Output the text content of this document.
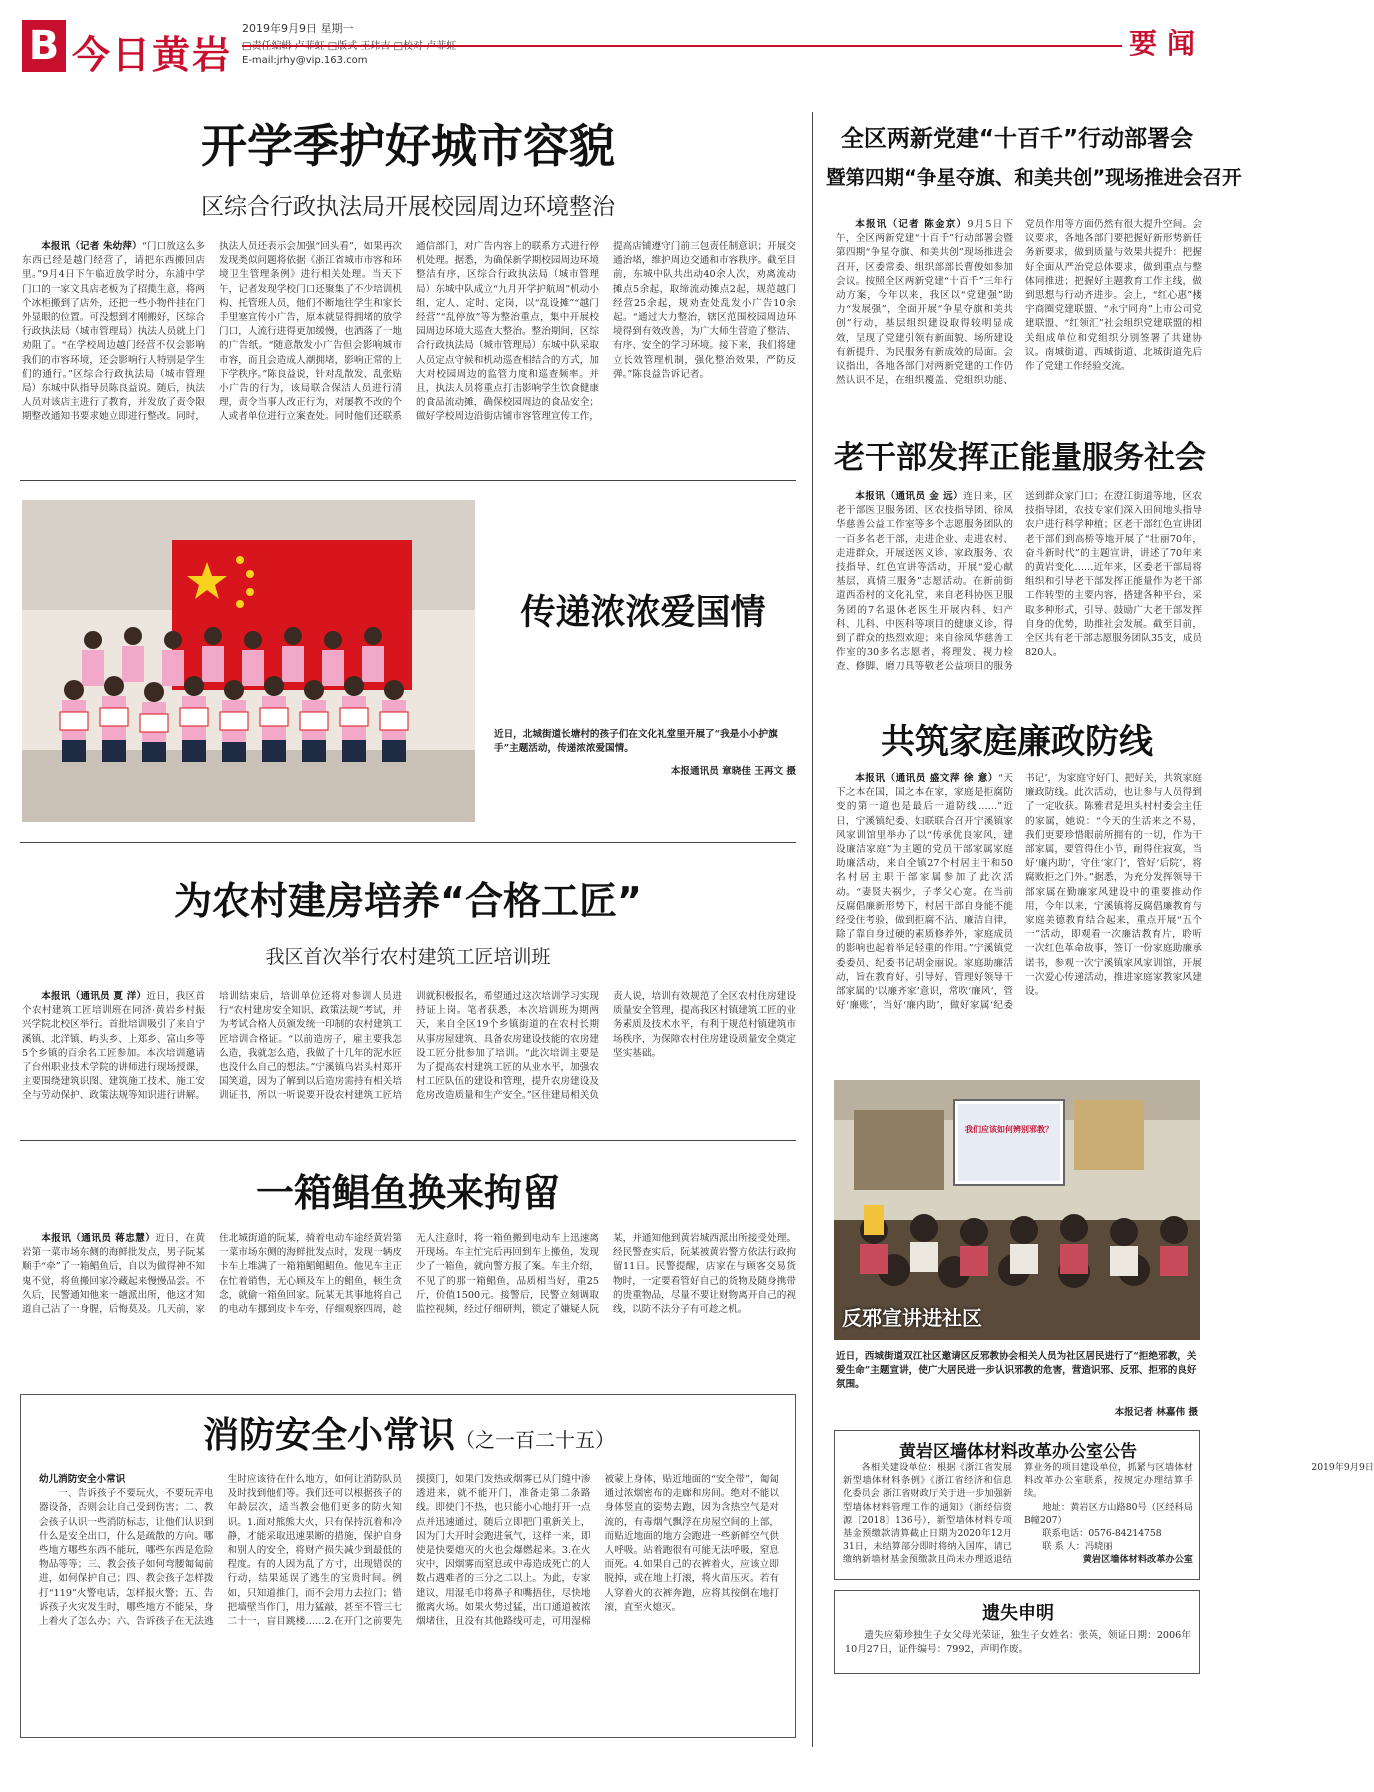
B 今日黄岩
2019年9月9日 星期一
□责任编辑 卢菲虹 □版式 王玮吉 □校对 卢菲虹
E-mail:jrhy@vip.163.com
要闻
开学季护好城市容貌
区综合行政执法局开展校园周边环境整治

本报讯（记者 朱幼萍）“门口放这么多东西已经是越门经营了，请把东西搬回店里。”9月4日下午临近放学时分，东浦中学门口的一家文具店老板为了招揽生意，将两个冰柜搬到了店外，还把一些小物件挂在门外显眼的位置。可没想到才刚搬好，区综合行政执法局（城市管理局）执法人员就上门劝阻了。“在学校周边越门经营不仅会影响我们的市容环境，还会影响行人特别是学生们的通行。”区综合行政执法局（城市管理局）东城中队指导员陈良益说。随后，执法人员对该店主进行了教育，并发放了责令限期整改通知书要求她立即进行整改。同时，执法人员还表示会加强“回头看”，如果再次发现类似问题将依据《浙江省城市市容和环境卫生管理条例》进行相关处理。当天下午，记者发现学校门口还聚集了不少培训机构、托管班人员，他们不断地往学生和家长手里塞宣传小广告，原本就显得拥堵的放学门口，人流行进得更加缓慢，也洒落了一地的广告纸。“随意散发小广告但会影响城市市容，而且会造成人潮拥堵，影响正常的上下学秩序。”陈良益说，针对乱散发、乱张贴小广告的行为，该局联合保洁人员进行清理，责令当事人改正行为，对屡教不改的个人或者单位进行立案查处。同时他们还联系通信部门，对广告内容上的联系方式进行停机处理。据悉，为确保新学期校园周边环境整洁有序，区综合行政执法局（城市管理局）东城中队成立“九月开学护航周”机动小组，定人、定时、定岗，以“乱设摊”“越门经营”“乱停放”等为整治重点，集中开展校园周边环境大巡查大整治。整治期间，区综合行政执法局（城市管理局）东城中队采取人员定点守候和机动巡查相结合的方式，加大对校园周边的监管力度和巡查频率。并且，执法人员将重点打击影响学生饮食健康的食品流动摊，确保校园周边的食品安全；做好学校周边沿街店铺市容管理宣传工作，提高店铺遵守门前三包责任制意识；开展交通治堵，维护周边交通和市容秩序。截至目前，东城中队共出动40余人次，劝离流动摊点5余起，取缔流动摊点2起，规范越门经营25余起，规劝查处乱发小广告10余起。“通过大力整治，辖区范围校园周边环境得到有效改善，为广大师生营造了整洁、有序、安全的学习环境。接下来，我们将建立长效管理机制，强化整治效果，严防反弹。”陈良益告诉记者。

传递浓浓爱国情
近日，北城街道长塘村的孩子们在文化礼堂里开展了“我是小小护旗手”主题活动，传递浓浓爱国情。
本报通讯员 章晓佳 王再文 摄
为农村建房培养“合格工匠”
我区首次举行农村建筑工匠培训班

本报讯（通讯员 夏 洋）近日，我区首个农村建筑工匠培训班在同济·黄岩乡村振兴学院北校区举行。首批培训吸引了来自宁溪镇、北洋镇、屿头乡、上郑乡、富山乡等5个乡镇的百余名工匠参加。本次培训邀请了台州职业技术学院的讲师进行现场授课，主要围绕建筑识图、建筑施工技术、施工安全与劳动保护、政策法规等知识进行讲解。培训结束后，培训单位还将对参训人员进行“农村建房安全知识、政策法规”考试，并为考试合格人员颁发统一印制的农村建筑工匠培训合格证。“以前造房子，雇主要我怎么造，我就怎么造，我做了十几年的泥水匠也没什么自己的想法。”宁溪镇乌岩头村郑开国笑道，因为了解到以后造房需持有相关培训证书，所以一听说要开设农村建筑工匠培训就积极报名，希望通过这次培训学习实现持证上岗。笔者获悉，本次培训班为期两天，来自全区19个乡镇街道的在农村长期从事房屋建筑、具备农房建设技能的农房建设工匠分批参加了培训。“此次培训主要是为了提高农村建筑工匠的从业水平，加强农村工匠队伍的建设和管理，提升农房建设及危房改造质量和生产安全。”区住建局相关负责人说，培训有效规范了全区农村住房建设质量安全管理，提高我区村镇建筑工匠的业务素质及技术水平，有利于规范村镇建筑市场秩序，为保障农村住房建设质量安全奠定坚实基础。

一箱鲳鱼换来拘留

本报讯（通讯员 蒋忠慧）近日，在黄岩第一菜市场东侧的海鲜批发点，男子阮某顺手“牵”了一箱鲳鱼后，自以为做得神不知鬼不觉，将鱼搬回家冷藏起来慢慢品尝。不久后，民警通知他来一趟派出所，他这才知道自己沾了一身腥，后悔莫及。几天前，家住北城街道的阮某，骑着电动车途经黄岩第一菜市场东侧的海鲜批发点时，发现一辆皮卡车上堆满了一箱箱鲳鲳鲳鱼。他见车主正在忙着销售，无心顾及车上的鲳鱼，顿生贪念，就偷一箱鱼回家。阮某无其事地将自己的电动车挪到皮卡车旁，仔细观察四周，趁无人注意时，将一箱鱼搬到电动车上迅速离开现场。车主忙完后再回到车上搬鱼，发现少了一箱鱼，就向警方报了案。车主介绍，不见了的那一箱鲳鱼，品质相当好，重25斤，价值1500元。接警后，民警立刻调取监控视频，经过仔细研判，锁定了嫌疑人阮某，并通知他到黄岩城西派出所接受处理。经民警查实后，阮某被黄岩警方依法行政拘留11日。民警提醒，店家在与顾客交易货物时，一定要看管好自己的货物及随身携带的贵重物品，尽量不要让财物离开自己的视线，以防不法分子有可趁之机。

消防安全小常识（之一百二十五）
幼儿消防安全小常识

一、告诉孩子不要玩火，不要玩弄电器设备，否则会让自己受到伤害；二、教会孩子认识一些消防标志，让他们认识到什么是安全出口，什么是疏散的方向。哪些地方哪些东西不能玩，哪些东西是危险物品等等；三、教会孩子如何弯腰匍匐前进，如何保护自己；四、教会孩子怎样拨打“119”火警电话，怎样报火警；五、告诉孩子火灾发生时，哪些地方不能呆，身上着火了怎么办；六、告诉孩子在无法逃生时应该待在什么地方，如何让消防队员及时找到他们等。我们还可以根据孩子的年龄层次，适当教会他们更多的防火知识。1.面对熊熊大火，只有保持沉着和冷静，才能采取迅速果断的措施，保护自身和别人的安全，将财产损失减少到最低的程度。有的人因为乱了方寸，出现错误的行动，结果延误了逃生的宝贵时间。例如，只知道推门，而不会用力去拉门；错把墙壁当作门，用力猛敲，甚至不管三七二十一，盲目跳楼……2.在开门之前要先摸摸门，如果门发热或烟雾已从门缝中渗透进来，就不能开门，准备走第二条路线。即使门不热，也只能小心地打开一点点并迅速通过，随后立即把门重新关上，因为门大开时会跑进氧气，这样一来，即使是快要熄灭的火也会爆燃起来。3.在火灾中，因烟雾而窒息或中毒造成死亡的人数占遇难者的三分之二以上。为此，专家建议，用湿毛巾将鼻子和嘴捂住，尽快地撤离火场。如果火势过猛，出口通道被浓烟堵住，且没有其他路线可走，可用湿棉被蒙上身体，贴近地面的“安全带”，匍匐通过浓烟密布的走廊和房间。绝对不能以身体竖直的姿势去跑，因为含热空气是对流的，有毒烟气飘浮在房屋空间的上部，而贴近地面的地方会跑进一些新鲜空气供人呼吸。站着跑很有可能无法呼吸，窒息而死。4.如果自己的衣裤着火，应该立即脱掉，或在地上打滚，将火苗压灭。若有人穿着火的衣裤奔跑，应将其按倒在地打滚，直至火熄灭。

全区两新党建“十百千”行动部署会
暨第四期“争星夺旗、和美共创”现场推进会召开

本报讯（记者 陈金京）9月5日下午，全区两新党建“十百千”行动部署会暨第四期“争星夺旗、和美共创”现场推进会召开，区委常委、组织部部长曹俊如参加会议。按照全区两新党建“十百千”三年行动方案，今年以来，我区以“党建强”助力“发展强”，全面开展“争星夺旗和美共创”行动，基层组织建设取得较明显成效，呈现了党建引领有新面貌、场所建设有新提升、为民服务有新成效的局面。会议指出，各地各部门对两新党建的工作仍然认识不足，在组织覆盖、党组织功能、党员作用等方面仍然有很大提升空间。会议要求，各地各部门要把握好新形势新任务新要求，做到质量与效果共提升：把握好全面从严治党总体要求，做到重点与整体同推进；把握好主题教育工作主线，做到思想与行动齐进步。会上，“红心惠”楼宇商圈党建联盟、“永宁同舟”上市公司党建联盟、“红领汇”社会组织党建联盟的相关组成单位和党组织分别签署了共建协议。南城街道、西城街道、北城街道先后作了党建工作经验交流。

老干部发挥正能量服务社会

本报讯（通讯员 金 远）连日来，区老干部医卫服务团、区农技指导团、徐凤华慈善公益工作室等多个志愿服务团队的一百多名老干部，走进企业、走进农村、走进群众，开展送医义诊、家政服务、农技指导、红色宣讲等活动，开展“爱心献基层，真情三服务”志愿活动。在新前街道西岙村的文化礼堂，来自老科协医卫服务团的7名退休老医生开展内科、妇产科、儿科、中医科等项目的健康义诊，得到了群众的热烈欢迎；来自徐凤华慈善工作室的30多名志愿者，将理发、视力检查、修脚、磨刀具等敬老公益项目的服务送到群众家门口；在澄江街道等地，区农技指导团，农技专家们深入田间地头指导农户进行科学种植；区老干部红色宣讲团老干部们到高桥等地开展了“壮丽70年，奋斗新时代”的主题宣讲，讲述了70年来的黄岩变化……近年来，区委老干部局将组织和引导老干部发挥正能量作为老干部工作转型的主要内容，搭建各种平台，采取多种形式，引导、鼓励广大老干部发挥自身的优势，助推社会发展。截至目前，全区共有老干部志愿服务团队35支，成员820人。

共筑家庭廉政防线

本报讯（通讯员 盛文萍 徐 意）“天下之本在国，国之本在家，家庭是拒腐防变的第一道也是最后一道防线……”近日，宁溪镇纪委、妇联联合召开宁溪镇家风家训馆里举办了以“传承优良家风，建设廉洁家庭”为主题的党员干部家属家庭助廉活动，来自全镇27个村居主干和50名村居主职干部家属参加了此次活动。“妻贤夫祸少，子孝父心宽。在当前反腐倡廉新形势下，村居干部自身能不能经受住考验，做到拒腐不沾、廉洁自律，除了靠自身过硬的素质修养外，家庭成员的影响也起着举足轻重的作用。”宁溪镇党委委员、纪委书记胡金丽说。家庭助廉活动，旨在教育好、引导好、管理好领导干部家属的‘以廉齐家’意识，常吹‘廉风’，管好‘廉账’，当好‘廉内助’，做好家属‘纪委书记’，为家庭守好门、把好关，共筑家庭廉政防线。此次活动，也让参与人员得到了一定收获。陈雅君是坦头村村委会主任的家属，她说：“今天的生活来之不易，我们更要珍惜眼前所拥有的一切，作为干部家属，要管得住小节，耐得住寂寞，当好‘廉内助’，守住‘家门’，管好‘后院’，将腐败拒之门外。”据悉，为充分发挥领导干部家属在勤廉家风建设中的重要推动作用，今年以来，宁溪镇将反腐倡廉教育与家庭美德教育结合起来，重点开展“五个一”活动，即观看一次廉洁教育片，聆听一次红色革命故事，签订一份家庭助廉承诺书，参观一次宁溪镇家风家训馆，开展一次爱心传递活动，推进家庭家教家风建设。

我们应该如何辨别邪教？
反邪宣讲进社区
近日，西城街道双江社区邀请区反邪教协会相关人员为社区居民进行了“拒绝邪教，关爱生命”主题宣讲，使广大居民进一步认识邪教的危害，营造识邪、反邪、拒邪的良好氛围。
本报记者 林嘉伟 摄
黄岩区墙体材料改革办公室公告

各相关建设单位：根据《浙江省发展新型墙体材料条例》《浙江省经济和信息化委员会 浙江省财政厅关于进一步加强新型墙体材料管理工作的通知》（浙经信资源〔2018〕136号），新型墙体材料专项基金预缴款清算截止日期为2020年12月31日，未结算部分即时将纳入国库，请已缴纳新墙材基金预缴款且尚未办理返退结算业务的项目建设单位，抓紧与区墙体材料改革办公室联系，按规定办理结算手续。

地址：黄岩区方山路80号（区经科局B幢207）

联系电话：0576-84214758

联 系 人：冯晓丽

黄岩区墙体材料改革办公室

2019年9月9日

遗失申明

遗失应菊珍独生子女父母光荣证，独生子女姓名：张英，领证日期：2006年10月27日，证件编号：7992，声明作废。
